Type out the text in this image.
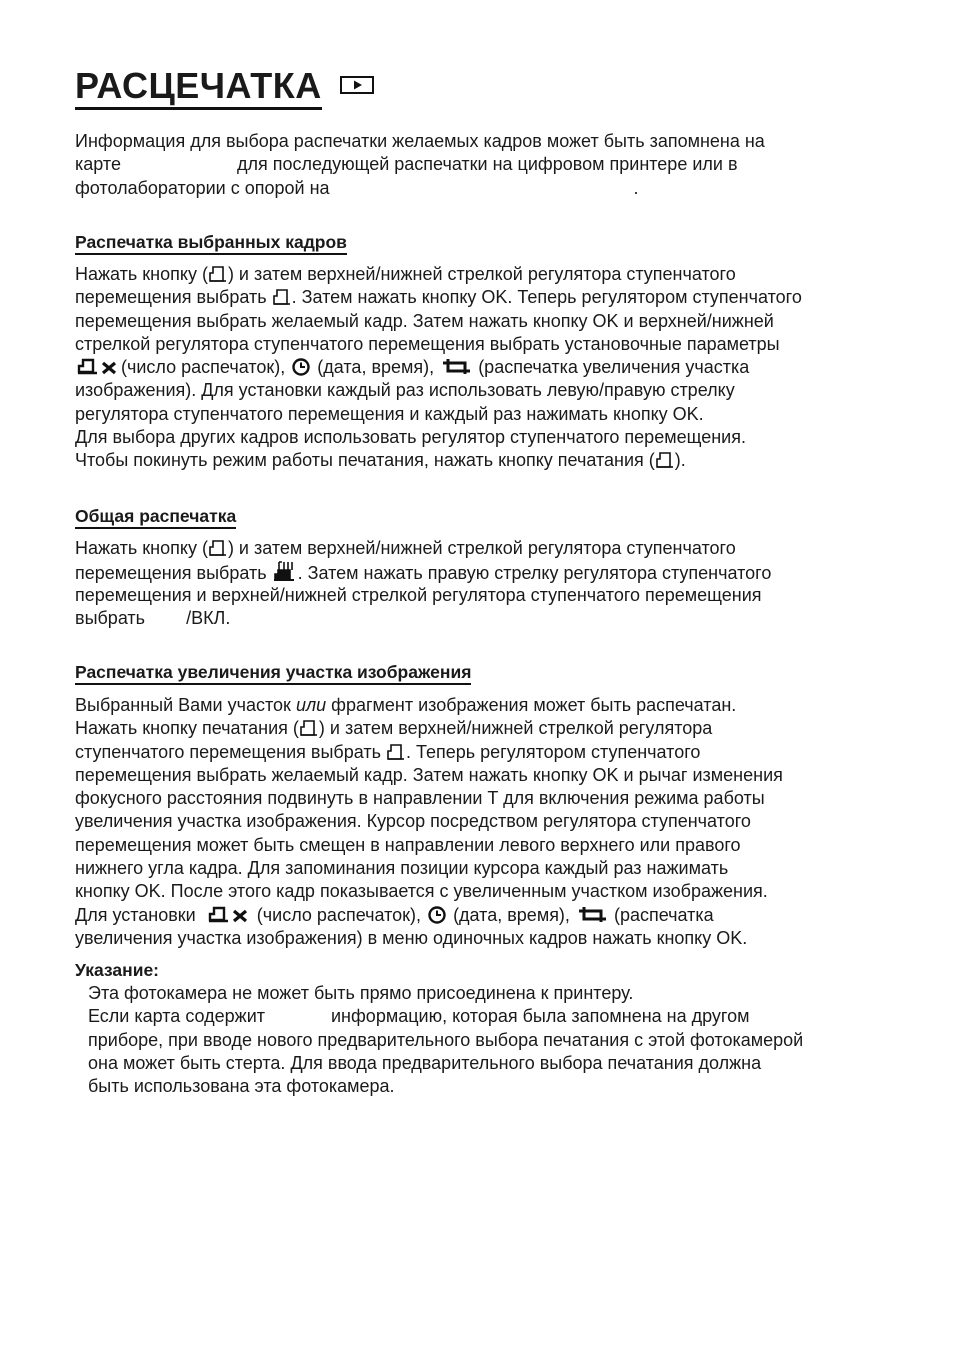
РАСЦЕЧАТКА
Информация для выбора распечатки желаемых кадров может быть запомнена на
карте	для последующей распечатки на цифровом принтере или в
фотолаборатории с опорой на	.
Распечатка выбранных кадров
Нажать кнопку ( ) и затем верхней/нижней стрелкой регулятора ступенчатого
перемещения выбрать . Затем нажать кнопку OK. Теперь регулятором ступенчатого
перемещения выбрать желаемый кадр. Затем нажать кнопку OK и верхней/нижней
стрелкой регулятора ступенчатого перемещения выбрать установочные параметры
(число распечаток), (дата, время), (распечатка увеличения участка
изображения). Для установки каждый раз использовать левую/правую стрелку
регулятора ступенчатого перемещения и каждый раз нажимать кнопку OK.
Для выбора других кадров использовать регулятор ступенчатого перемещения.
Чтобы покинуть режим работы печатания, нажать кнопку печатания ( ).
Общая распечатка
Нажать кнопку ( ) и затем верхней/нижней стрелкой регулятора ступенчатого
перемещения выбрать . Затем нажать правую стрелку регулятора ступенчатого
перемещения и верхней/нижней стрелкой регулятора ступенчатого перемещения
выбрать /ВКЛ.
Распечатка увеличения участка изображения
Выбранный Вами участок или фрагмент изображения может быть распечатан.
Нажать кнопку печатания ( ) и затем верхней/нижней стрелкой регулятора
ступенчатого перемещения выбрать . Теперь регулятором ступенчатого
перемещения выбрать желаемый кадр. Затем нажать кнопку OK и рычаг изменения
фокусного расстояния подвинуть в направлении T для включения режима работы
увеличения участка изображения. Курсор посредством регулятора ступенчатого
перемещения может быть смещен в направлении левого верхнего или правого
нижнего угла кадра. Для запоминания позиции курсора каждый раз нажимать
кнопку OK. После этого кадр показывается с увеличенным участком изображения.
Для установки	(число распечаток), (дата, время), (распечатка
увеличения участка изображения) в меню одиночных кадров нажать кнопку OK.
Указание:
Эта фотокамера не может быть прямо присоединена к принтеру.
Если карта содержит	информацию, которая была запомнена на другом
приборе, при вводе нового предварительного выбора печатания с этой фотокамерой
она может быть стерта. Для ввода предварительного выбора печатания должна
быть использована эта фотокамера.
